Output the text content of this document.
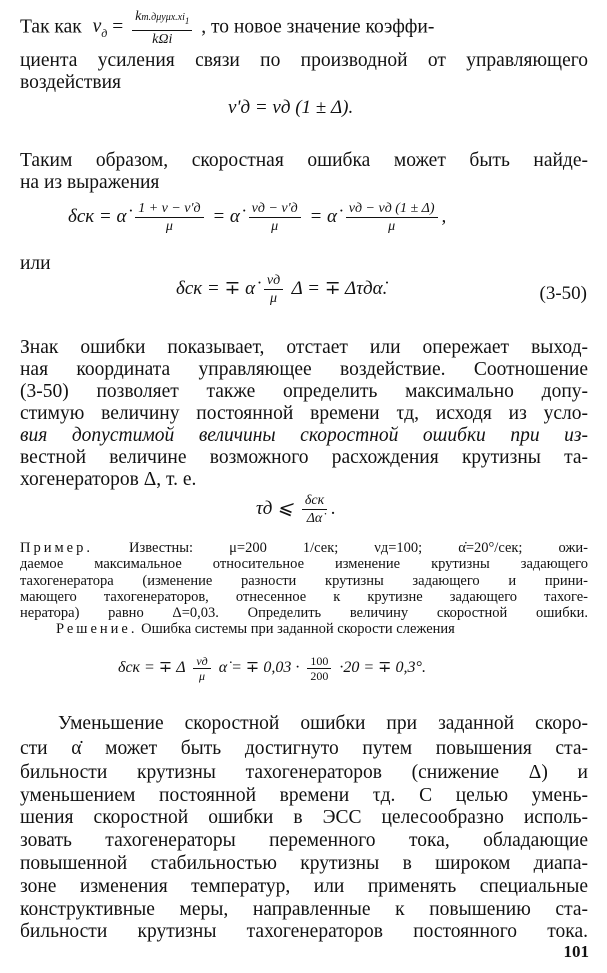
Так как $\nu_д = \frac{kт.д\mu у\mu х.хi_1}{\text{kΩi}}$ , то новое значение коэффи-
циента усиления связи по производной от управляющего
воздействия
ν'д = νд (1 ± Δ).
Таким образом, скоростная ошибка может быть найде-
на из выражения
δск = α̇ $\frac{1 + \nu - \nu'д}{\mu}$ = α̇ $\frac{\nu д - \nu'д}{\mu}$ = α̇ $\frac{\nu д - \nu д (1 \pm \Delta)}{\mu}$ ,
или
δск = ∓ α̇ $\frac{\nu д}{\mu}$ Δ = ∓ Δτдα̇.	(3-50)
Знак ошибки показывает, отстает или опережает выход-
ная координата управляющее воздействие. Соотношение
(3-50) позволяет также определить максимально допу-
стимую величину постоянной времени τд, исходя из усло-
вия допустимой величины скоростной ошибки при из-
вестной величине возможного расхождения крутизны та-
хогенераторов Δ, т. е.
τд ⩽ $\frac{\text{δск}}{\Delta\alphȧ}$ .
Пример. Известны: μ=200 1/сек; νд=100; α̇=20°/сек; ожи-
даемое максимальное относительное изменение крутизны задающего
тахогенератора (изменение разности крутизны задающего и прини-
мающего тахогенераторов, отнесенное к крутизне задающего тахоге-
нератора) равно Δ=0,03. Определить величину скоростной ошибки.
Решение. Ошибка системы при заданной скорости слежения
δск = ∓ Δ $\frac{\nu д}{\mu}$ α̇ = ∓ $0,03 \cdot \frac{100}{200} \cdot 20$ = ∓ 0,3°.
Уменьшение скоростной ошибки при заданной скоро-
сти α̇ может быть достигнуто путем повышения ста-
бильности крутизны тахогенераторов (снижение Δ) и
уменьшением постоянной времени τд. С целью умень-
шения скоростной ошибки в ЭСС целесообразно исполь-
зовать тахогенераторы переменного тока, обладающие
повышенной стабильностью крутизны в широком диапа-
зоне изменения температур, или применять специальные
конструктивные меры, направленные к повышению ста-
бильности крутизны тахогенераторов постоянного тока.
101
